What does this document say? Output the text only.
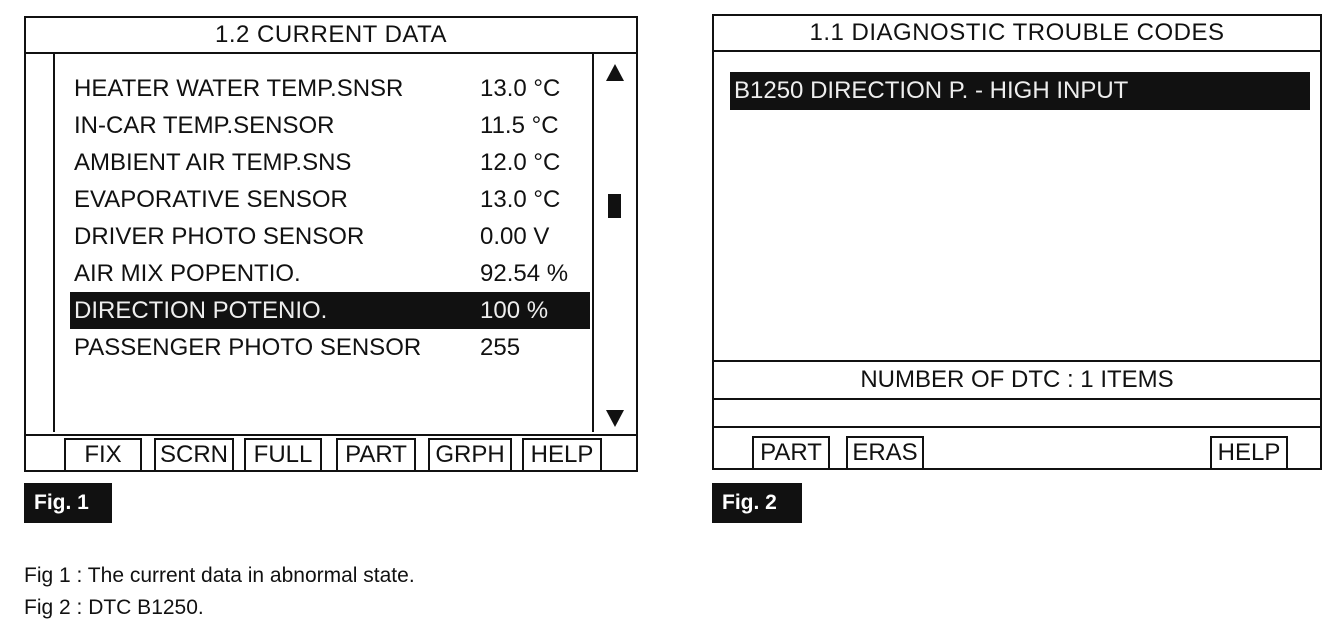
1.2 CURRENT DATA
HEATER WATER TEMP.SNSR	13.0 °C
IN-CAR TEMP.SENSOR	11.5 °C
AMBIENT AIR TEMP.SNS	12.0 °C
EVAPORATIVE SENSOR	13.0 °C
DRIVER PHOTO SENSOR	0.00 V
AIR MIX POPENTIO.	92.54 %
DIRECTION POTENIO.	100 %
PASSENGER PHOTO SENSOR 255
FIX	SCRN	FULL	PART	GRPH	HELP
Fig. 1
1.1 DIAGNOSTIC TROUBLE CODES
B1250 DIRECTION P. - HIGH INPUT
NUMBER OF DTC : 1 ITEMS
PART	ERAS	HELP
Fig. 2
Fig 1 : The current data in abnormal state.
Fig 2 : DTC B1250.
